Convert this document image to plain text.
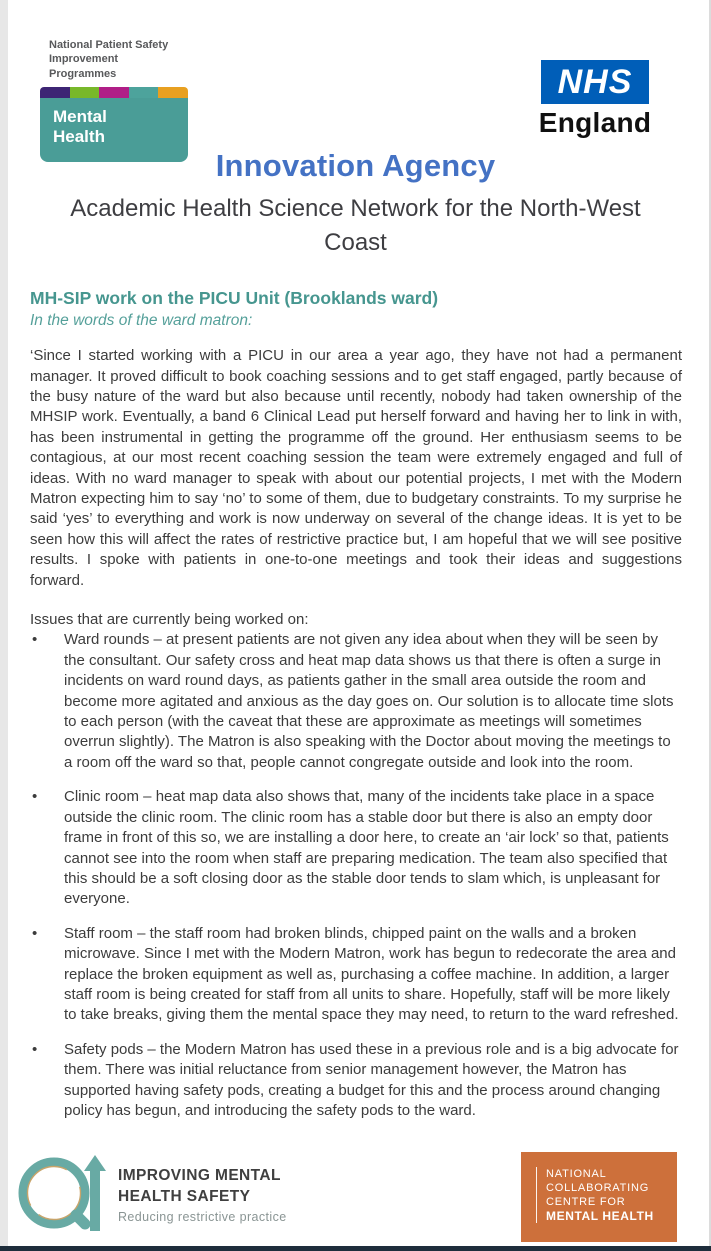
National Patient Safety
Improvement Programmes
Mental
Health
NHS
England
Innovation Agency
Academic Health Science Network for the North-West Coast
MH-SIP work on the PICU Unit (Brooklands ward)
In the words of the ward matron:

‘Since I started working with a PICU in our area a year ago, they have not had a permanent manager. It proved difficult to book coaching sessions and to get staff engaged, partly because of the busy nature of the ward but also because until recently, nobody had taken ownership of the MHSIP work. Eventually, a band 6 Clinical Lead put herself forward and having her to link in with, has been instrumental in getting the programme off the ground. Her enthusiasm seems to be contagious, at our most recent coaching session the team were extremely engaged and full of ideas. With no ward manager to speak with about our potential projects, I met with the Modern Matron expecting him to say ‘no’ to some of them, due to budgetary constraints. To my surprise he said ‘yes’ to everything and work is now underway on several of the change ideas. It is yet to be seen how this will affect the rates of restrictive practice but, I am hopeful that we will see positive results. I spoke with patients in one-to-one meetings and took their ideas and suggestions forward.

Issues that are currently being worked on:
• Ward rounds – at present patients are not given any idea about when they will be seen by the consultant. Our safety cross and heat map data shows us that there is often a surge in incidents on ward round days, as patients gather in the small area outside the room and become more agitated and anxious as the day goes on. Our solution is to allocate time slots to each person (with the caveat that these are approximate as meetings will sometimes overrun slightly). The Matron is also speaking with the Doctor about moving the meetings to a room off the ward so that, people cannot congregate outside and look into the room.
• Clinic room – heat map data also shows that, many of the incidents take place in a space outside the clinic room. The clinic room has a stable door but there is also an empty door frame in front of this so, we are installing a door here, to create an ‘air lock’ so that, patients cannot see into the room when staff are preparing medication. The team also specified that this should be a soft closing door as the stable door tends to slam which, is unpleasant for everyone.
• Staff room – the staff room had broken blinds, chipped paint on the walls and a broken microwave. Since I met with the Modern Matron, work has begun to redecorate the area and replace the broken equipment as well as, purchasing a coffee machine. In addition, a larger staff room is being created for staff from all units to share. Hopefully, staff will be more likely to take breaks, giving them the mental space they may need, to return to the ward refreshed.
• Safety pods – the Modern Matron has used these in a previous role and is a big advocate for them. There was initial reluctance from senior management however, the Matron has supported having safety pods, creating a budget for this and the process around changing policy has begun, and introducing the safety pods to the ward.
IMPROVING MENTAL
HEALTH SAFETY
Reducing restrictive practice
NATIONAL
COLLABORATING
CENTRE FOR
MENTAL HEALTH
